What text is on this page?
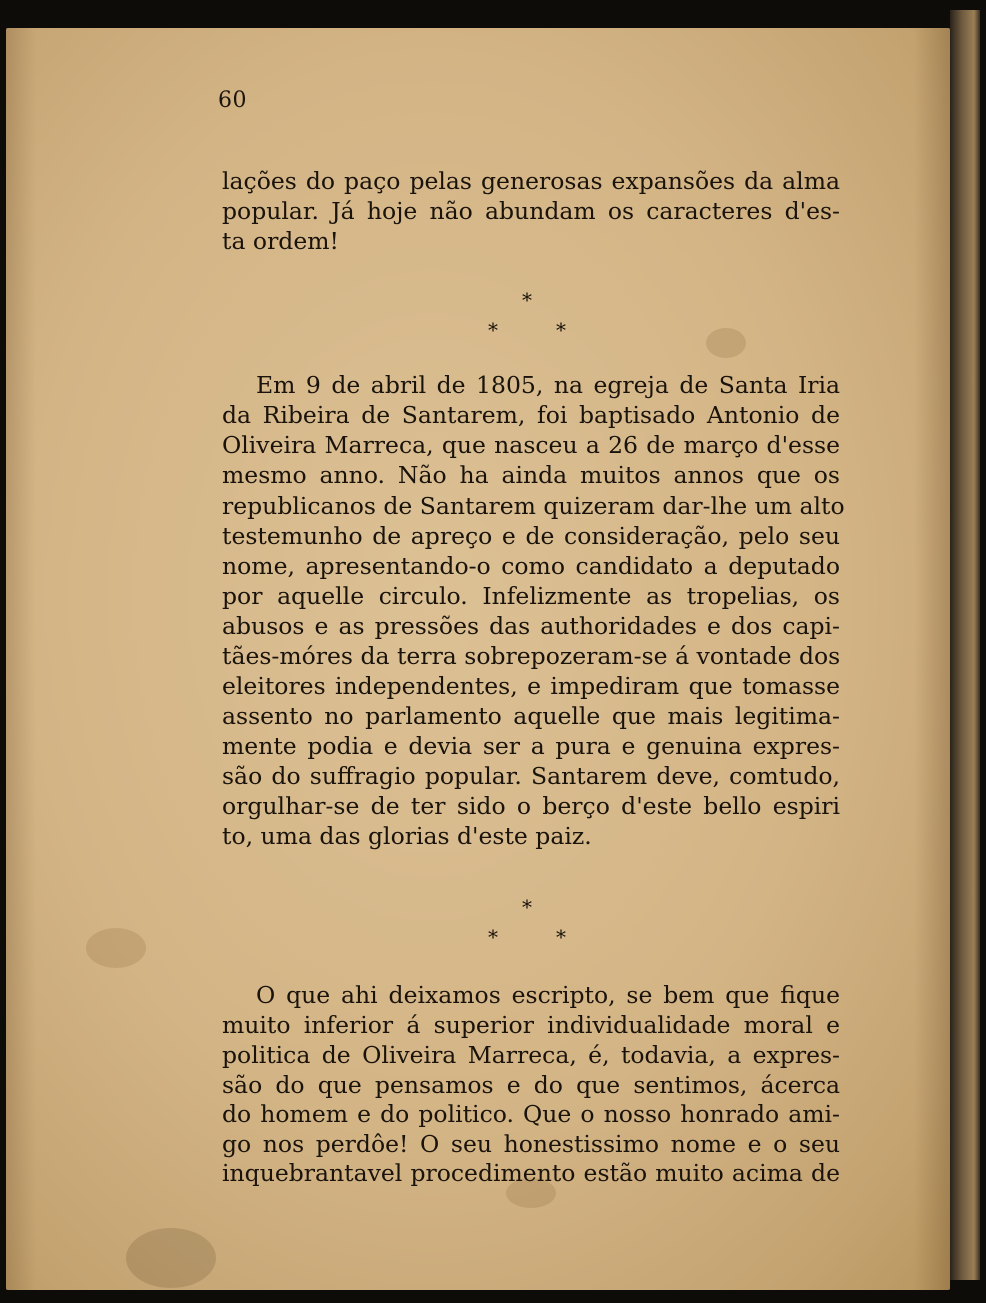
60
lações do paço pelas generosas expansões da alma
popular. Já hoje não abundam os caracteres d'es-
ta ordem!
*
*	*
Em 9 de abril de 1805, na egreja de Santa Iria
da Ribeira de Santarem, foi baptisado Antonio de
Oliveira Marreca, que nasceu a 26 de março d'esse
mesmo anno. Não ha ainda muitos annos que os
republicanos de Santarem quizeram dar-lhe um alto
testemunho de apreço e de consideração, pelo seu
nome, apresentando-o como candidato a deputado
por aquelle circulo. Infelizmente as tropelias, os
abusos e as pressões das authoridades e dos capi-
tães-móres da terra sobrepozeram-se á vontade dos
eleitores independentes, e impediram que tomasse
assento no parlamento aquelle que mais legitima-
mente podia e devia ser a pura e genuina expres-
são do suffragio popular. Santarem deve, comtudo,
orgulhar-se de ter sido o berço d'este bello espiri
to, uma das glorias d'este paiz.
*
*	*
O que ahi deixamos escripto, se bem que fique
muito inferior á superior individualidade moral e
politica de Oliveira Marreca, é, todavia, a expres-
são do que pensamos e do que sentimos, ácerca
do homem e do politico. Que o nosso honrado ami-
go nos perdôe! O seu honestissimo nome e o seu
inquebrantavel procedimento estão muito acima de
